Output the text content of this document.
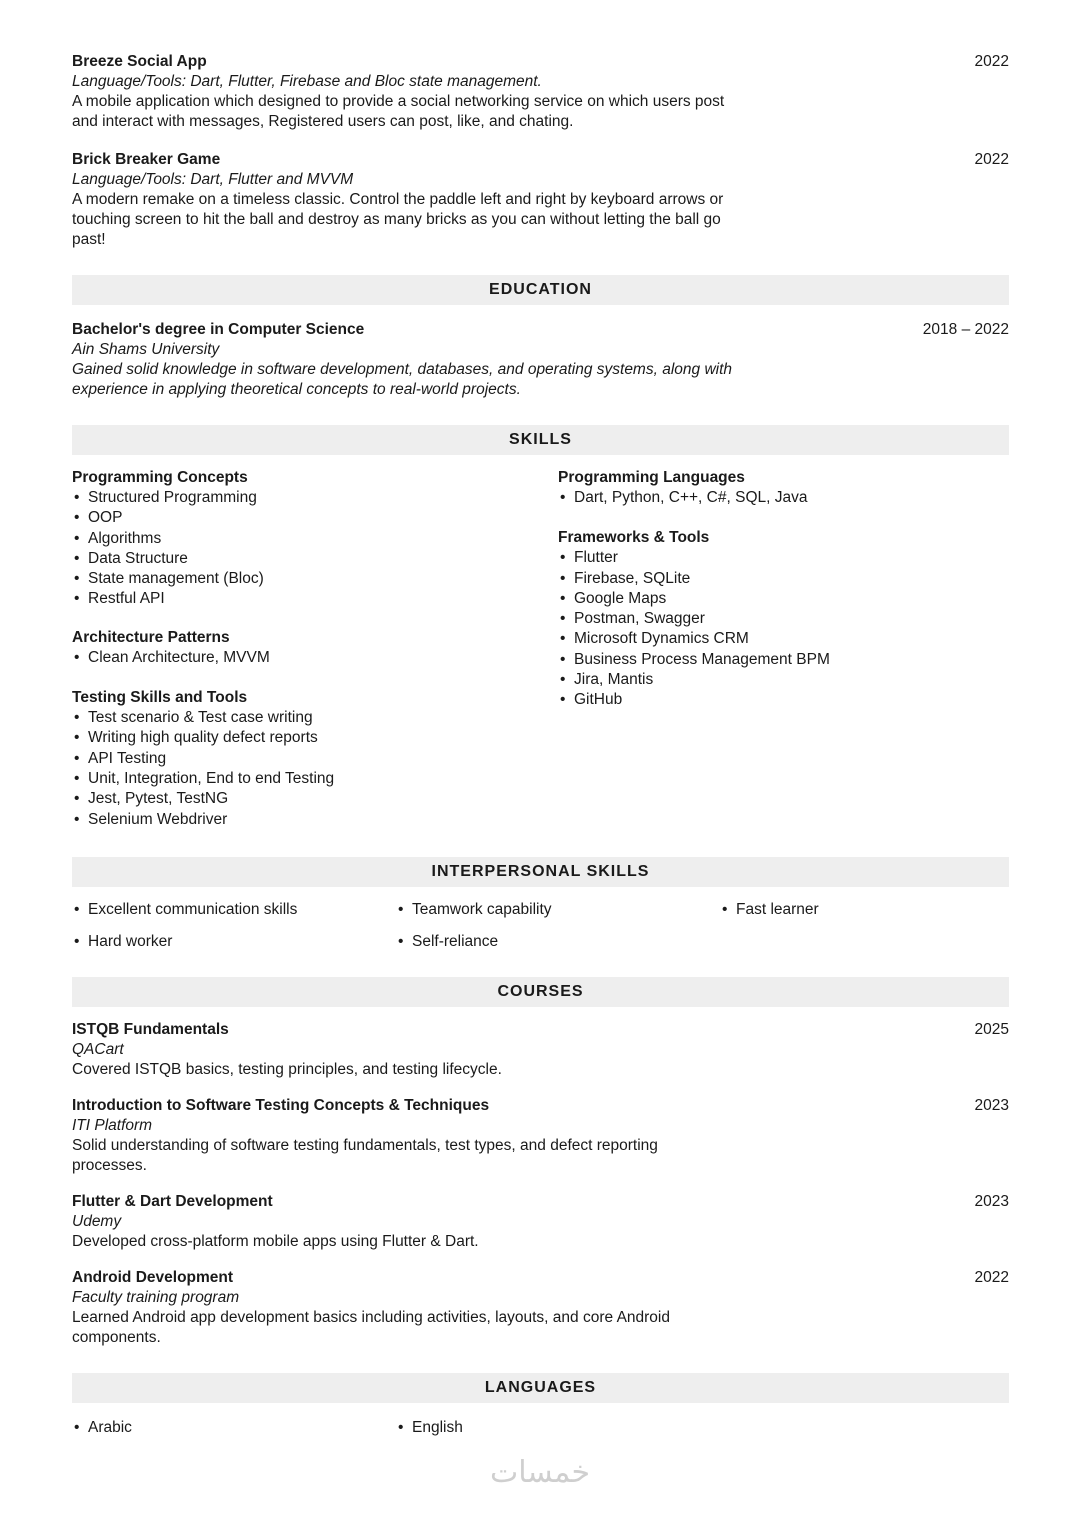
Breeze Social App	2022
Language/Tools: Dart, Flutter, Firebase and Bloc state management.
A mobile application which designed to provide a social networking service on which users post
and interact with messages, Registered users can post, like, and chating.
Brick Breaker Game	2022
Language/Tools: Dart, Flutter and MVVM
A modern remake on a timeless classic. Control the paddle left and right by keyboard arrows or
touching screen to hit the ball and destroy as many bricks as you can without letting the ball go
past!
EDUCATION
Bachelor's degree in Computer Science	2018 – 2022
Ain Shams University
Gained solid knowledge in software development, databases, and operating systems, along with
experience in applying theoretical concepts to real-world projects.
SKILLS
Programming Concepts
• Structured Programming
• OOP
• Algorithms
• Data Structure
• State management (Bloc)
• Restful API
Architecture Patterns
• Clean Architecture, MVVM
Testing Skills and Tools
• Test scenario & Test case writing
• Writing high quality defect reports
• API Testing
• Unit, Integration, End to end Testing
• Jest, Pytest, TestNG
• Selenium Webdriver
Programming Languages
• Dart, Python, C++, C#, SQL, Java
Frameworks & Tools
• Flutter
• Firebase, SQLite
• Google Maps
• Postman, Swagger
• Microsoft Dynamics CRM
• Business Process Management BPM
• Jira, Mantis
• GitHub
INTERPERSONAL SKILLS
• Excellent communication skills	• Teamwork capability	• Fast learner
• Hard worker	• Self-reliance
COURSES
ISTQB Fundamentals	2025
QACart
Covered ISTQB basics, testing principles, and testing lifecycle.
Introduction to Software Testing Concepts & Techniques	2023
ITI Platform
Solid understanding of software testing fundamentals, test types, and defect reporting
processes.
Flutter & Dart Development	2023
Udemy
Developed cross-platform mobile apps using Flutter & Dart.
Android Development	2022
Faculty training program
Learned Android app development basics including activities, layouts, and core Android
components.
LANGUAGES
• Arabic	• English
خمسات
